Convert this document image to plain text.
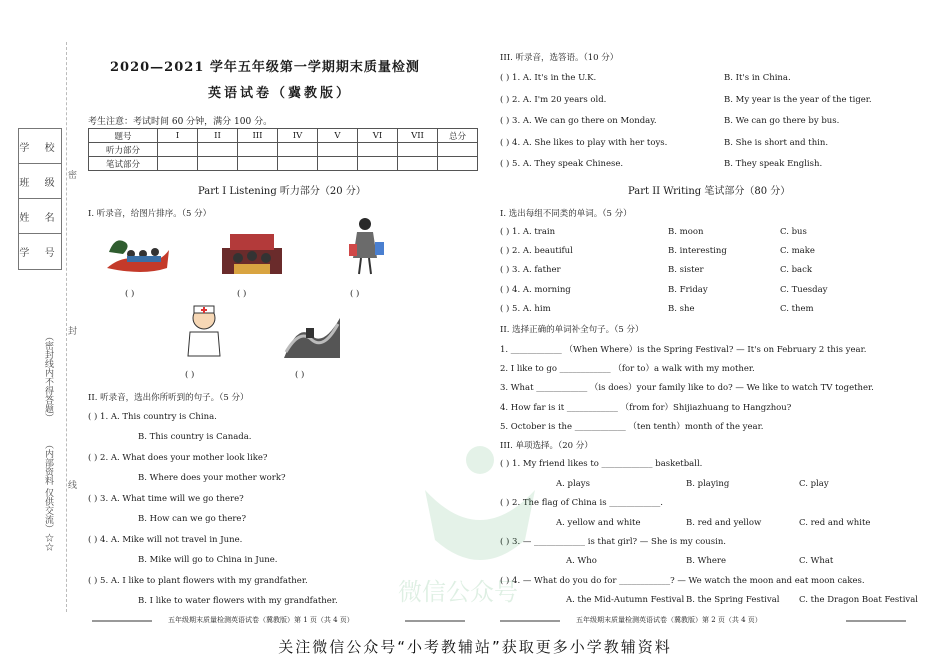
学 校
班 级
姓 名
学 号
密
封
线
（密封线内不得答题）
（内部资料 仅供交流）☆☆
2020—2021 学年五年级第一学期期末质量检测
英语试卷（冀教版）
考生注意：考试时间 60 分钟，满分 100 分。
题号	I	II	III	IV	V	VI	VII	总分
听力部分								
笔试部分								
Part I Listening 听力部分（20 分）
I. 听录音，给图片排序。（5 分）
( )	( )	( )
( )	( )
II. 听录音，选出你所听到的句子。（5 分）
( ) 1. A. This country is China.
B. This country is Canada.
( ) 2. A. What does your mother look like?
B. Where does your mother work?
( ) 3. A. What time will we go there?
B. How can we go there?
( ) 4. A. Mike will not travel in June.
B. Mike will go to China in June.
( ) 5. A. I like to plant flowers with my grandfather.
B. I like to water flowers with my grandfather.
五年级期末质量检测英语试卷（冀教版）第 1 页（共 4 页）
III. 听录音，选答语。（10 分）
( ) 1. A. It's in the U.K.	B. It's in China.
( ) 2. A. I'm 20 years old.	B. My year is the year of the tiger.
( ) 3. A. We can go there on Monday.	B. We can go there by bus.
( ) 4. A. She likes to play with her toys.	B. She is short and thin.
( ) 5. A. They speak Chinese.	B. They speak English.
Part II Writing 笔试部分（80 分）
I. 选出每组不同类的单词。（5 分）
( ) 1. A. train	B. moon	C. bus
( ) 2. A. beautiful	B. interesting	C. make
( ) 3. A. father	B. sister	C. back
( ) 4. A. morning	B. Friday	C. Tuesday
( ) 5. A. him	B. she	C. them
II. 选择正确的单词补全句子。（5 分）
1. ____________ （When Where）is the Spring Festival? — It's on February 2 this year.
2. I like to go ____________ （for to）a walk with my mother.
3. What ____________ （is does）your family like to do? — We like to watch TV together.
4. How far is it ____________ （from for）Shijiazhuang to Hangzhou?
5. October is the ____________ （ten tenth）month of the year.
III. 单项选择。（20 分）
( ) 1. My friend likes to ____________ basketball.
A. plays	B. playing	C. play
( ) 2. The flag of China is ____________.
A. yellow and white	B. red and yellow	C. red and white
( ) 3. — ____________ is that girl? — She is my cousin.
A. Who	B. Where	C. What
( ) 4. — What do you do for ____________? — We watch the moon and eat moon cakes.
A. the Mid-Autumn Festival B. the Spring Festival C. the Dragon Boat Festival
五年级期末质量检测英语试卷（冀教版）第 2 页（共 4 页）
微信公众号
关注微信公众号“小考教辅站”获取更多小学教辅资料
